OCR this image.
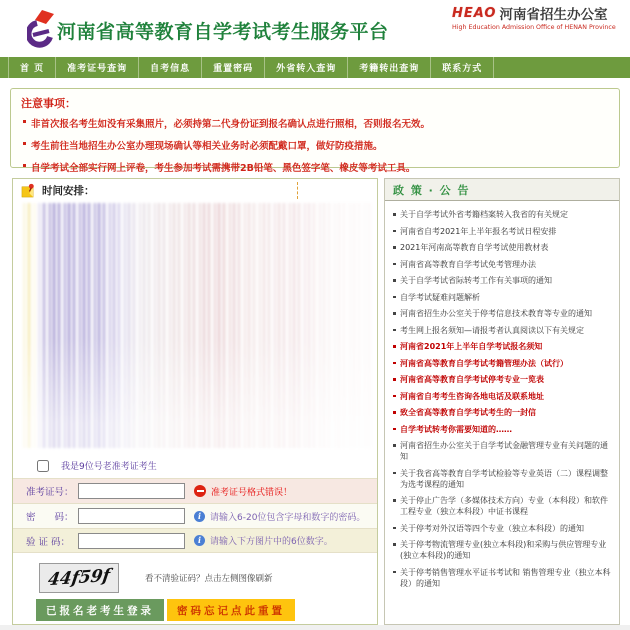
河南省高等教育自学考试考生服务平台
HEAO 河南省招生办公室
High Education Admission Office of HENAN Province
首 页	准考证号查询	自考信息	重置密码	外省转入查询	考籍转出查询	联系方式
注意事项：
非首次报名考生如没有采集照片，必须持第二代身份证到报名确认点进行照相，否则报名无效。
考生前往当地招生办公室办理现场确认等相关业务时必须配戴口罩，做好防疫措施。
自学考试全部实行网上评卷，考生参加考试需携带2B铅笔、黑色签字笔、橡皮等考试工具。
时间安排：
我是9位号老准考证考生
准考证号：	准考证号格式错误！
密　　码：	i 请输入6-20位包含字母和数字的密码。
验 证 码：	i 请输入下方图片中的6位数字。
44f59f	看不清验证码？点击左侧图像刷新
已报名老考生登录	密码忘记点此重置
政 策 · 公 告
关于自学考试外省考籍档案转入我省的有关规定
河南省自考2021年上半年报名考试日程安排
2021年河南高等教育自学考试使用教材表
河南省高等教育自学考试免考管理办法
关于自学考试省际转考工作有关事项的通知
自学考试疑难问题解析
河南省招生办公室关于停考信息技术教育等专业的通知
考生网上报名须知—请报考者认真阅读以下有关规定
河南省2021年上半年自学考试报名须知
河南省高等教育自学考试考籍管理办法（试行）
河南省高等教育自学考试停考专业一览表
河南省自考考生咨询各地电话及联系地址
致全省高等教育自学考试考生的一封信
自学考试转考你需要知道的……
河南省招生办公室关于自学考试金融管理专业有关问题的通知
关于我省高等教育自学考试检验等专业英语（二）课程调整为选考课程的通知
关于停止广告学（多媒体技术方向）专业（本科段）和软件工程专业（独立本科段）中证书课程
关于停考对外汉语等四个专业（独立本科段）的通知
关于停考物流管理专业(独立本科段)和采购与供应管理专业(独立本科段)的通知
关于停考销售管理水平证书考试和 销售管理专业（独立本科段）的通知
